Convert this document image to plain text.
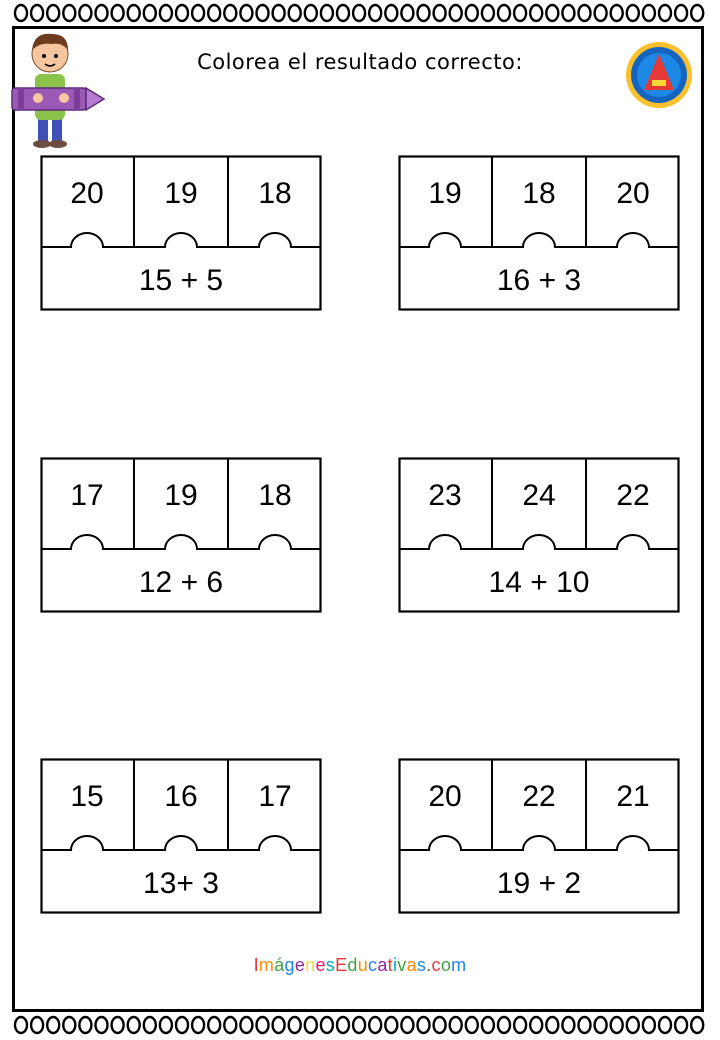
Colorea el resultado correcto:
20	19	18
15 + 5
19	18	20
16 + 3
17	19	18
12 + 6
23	24	22
14 + 10
15	16	17
13+ 3
20	22	21
19 + 2
ImágenesEducativas.com
